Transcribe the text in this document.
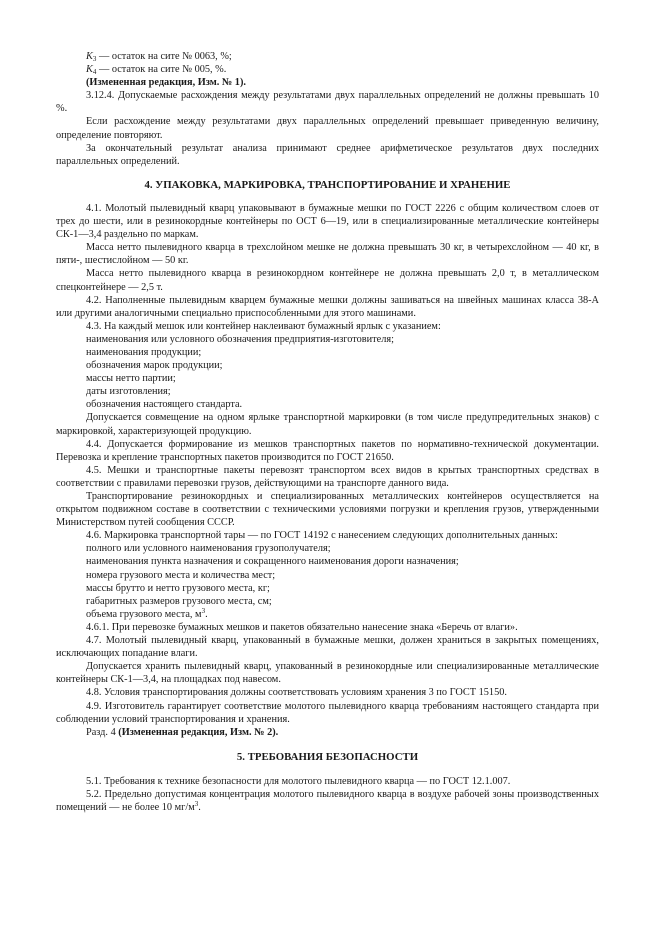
$K_3$ — остаток на сите № 0063, %;
$K_4$ — остаток на сите № 005, %.

(Измененная редакция, Изм. № 1).

3.12.4. Допускаемые расхождения между результатами двух параллельных определений не должны превышать 10 %.

Если расхождение между результатами двух параллельных определений превышает приведенную величину, определение повторяют.

За окончательный результат анализа принимают среднее арифметическое результатов двух последних параллельных определений.

4. УПАКОВКА, МАРКИРОВКА, ТРАНСПОРТИРОВАНИЕ И ХРАНЕНИЕ

4.1. Молотый пылевидный кварц упаковывают в бумажные мешки по ГОСТ 2226 с общим количеством слоев от трех до шести, или в резинокордные контейнеры по ОСТ 6—19, или в специализированные металлические контейнеры СК-1—3,4 раздельно по маркам.

Масса нетто пылевидного кварца в трехслойном мешке не должна превышать 30 кг, в четырехслойном — 40 кг, в пяти-, шестислойном — 50 кг.

Масса нетто пылевидного кварца в резинокордном контейнере не должна превышать 2,0 т, в металлическом спецконтейнере — 2,5 т.

4.2. Наполненные пылевидным кварцем бумажные мешки должны зашиваться на швейных машинах класса 38-А или другими аналогичными специально приспособленными для этого машинами.

4.3. На каждый мешок или контейнер наклеивают бумажный ярлык с указанием:

наименования или условного обозначения предприятия-изготовителя;
наименования продукции;
обозначения марок продукции;
массы нетто партии;
даты изготовления;
обозначения настоящего стандарта.

Допускается совмещение на одном ярлыке транспортной маркировки (в том числе предупредительных знаков) с маркировкой, характеризующей продукцию.

4.4. Допускается формирование из мешков транспортных пакетов по нормативно-технической документации. Перевозка и крепление транспортных пакетов производится по ГОСТ 21650.

4.5. Мешки и транспортные пакеты перевозят транспортом всех видов в крытых транспортных средствах в соответствии с правилами перевозки грузов, действующими на транспорте данного вида.

Транспортирование резинокордных и специализированных металлических контейнеров осуществляется на открытом подвижном составе в соответствии с техническими условиями погрузки и крепления грузов, утвержденными Министерством путей сообщения СССР.

4.6. Маркировка транспортной тары — по ГОСТ 14192 с нанесением следующих дополнительных данных:

полного или условного наименования грузополучателя;
наименования пункта назначения и сокращенного наименования дороги назначения;
номера грузового места и количества мест;
массы брутто и нетто грузового места, кг;
габаритных размеров грузового места, см;
объема грузового места, $м^3$.

4.6.1. При перевозке бумажных мешков и пакетов обязательно нанесение знака «Беречь от влаги».

4.7. Молотый пылевидный кварц, упакованный в бумажные мешки, должен храниться в закрытых помещениях, исключающих попадание влаги.

Допускается хранить пылевидный кварц, упакованный в резинокордные или специализированные металлические контейнеры СК-1—3,4, на площадках под навесом.

4.8. Условия транспортирования должны соответствовать условиям хранения 3 по ГОСТ 15150.

4.9. Изготовитель гарантирует соответствие молотого пылевидного кварца требованиям настоящего стандарта при соблюдении условий транспортирования и хранения.

Разд. 4 (Измененная редакция, Изм. № 2).

5. ТРЕБОВАНИЯ БЕЗОПАСНОСТИ

5.1. Требования к технике безопасности для молотого пылевидного кварца — по ГОСТ 12.1.007.

5.2. Предельно допустимая концентрация молотого пылевидного кварца в воздухе рабочей зоны производственных помещений — не более 10 $мг/м^3$.
